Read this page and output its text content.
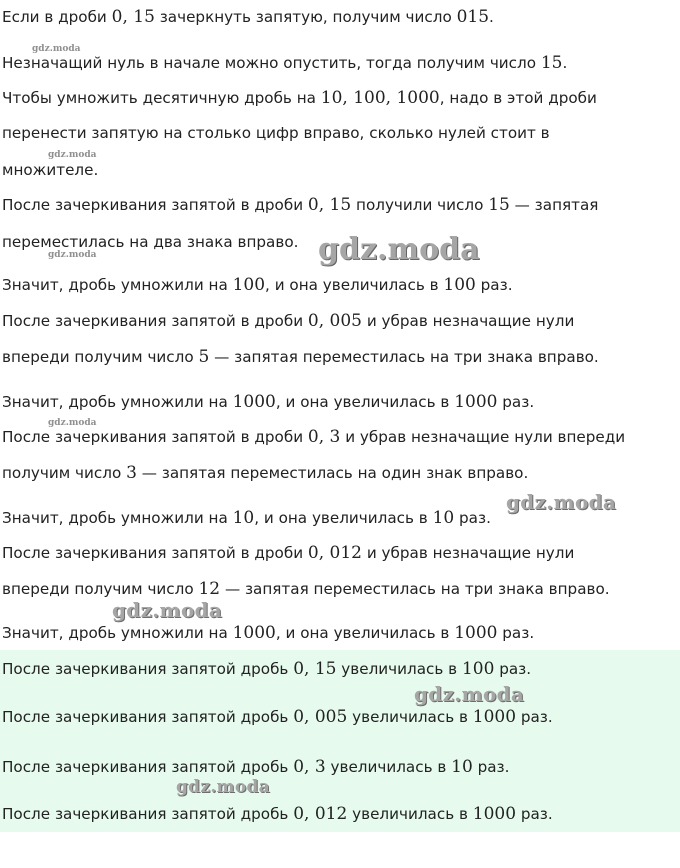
Если в дроби 0, 15 зачеркнуть запятую, получим число 015.
Незначащий нуль в начале можно опустить, тогда получим число 15.
Чтобы умножить десятичную дробь на 10, 100, 1000, надо в этой дроби
перенести запятую на столько цифр вправо, сколько нулей стоит в
множителе.
После зачеркивания запятой в дроби 0, 15 получили число 15 — запятая
переместилась на два знака вправо.
Значит, дробь умножили на 100, и она увеличилась в 100 раз.
После зачеркивания запятой в дроби 0, 005 и убрав незначащие нули
впереди получим число 5 — запятая переместилась на три знака вправо.
Значит, дробь умножили на 1000, и она увеличилась в 1000 раз.
После зачеркивания запятой в дроби 0, 3 и убрав незначащие нули впереди
получим число 3 — запятая переместилась на один знак вправо.
Значит, дробь умножили на 10, и она увеличилась в 10 раз.
После зачеркивания запятой в дроби 0, 012 и убрав незначащие нули
впереди получим число 12 — запятая переместилась на три знака вправо.
Значит, дробь умножили на 1000, и она увеличилась в 1000 раз.
После зачеркивания запятой дробь 0, 15 увеличилась в 100 раз.
После зачеркивания запятой дробь 0, 005 увеличилась в 1000 раз.
После зачеркивания запятой дробь 0, 3 увеличилась в 10 раз.
После зачеркивания запятой дробь 0, 012 увеличилась в 1000 раз.
gdz.moda
gdz.moda
gdz.moda
gdz.moda
gdz.moda
gdz.moda
gdz.moda
gdz.moda
gdz.moda
